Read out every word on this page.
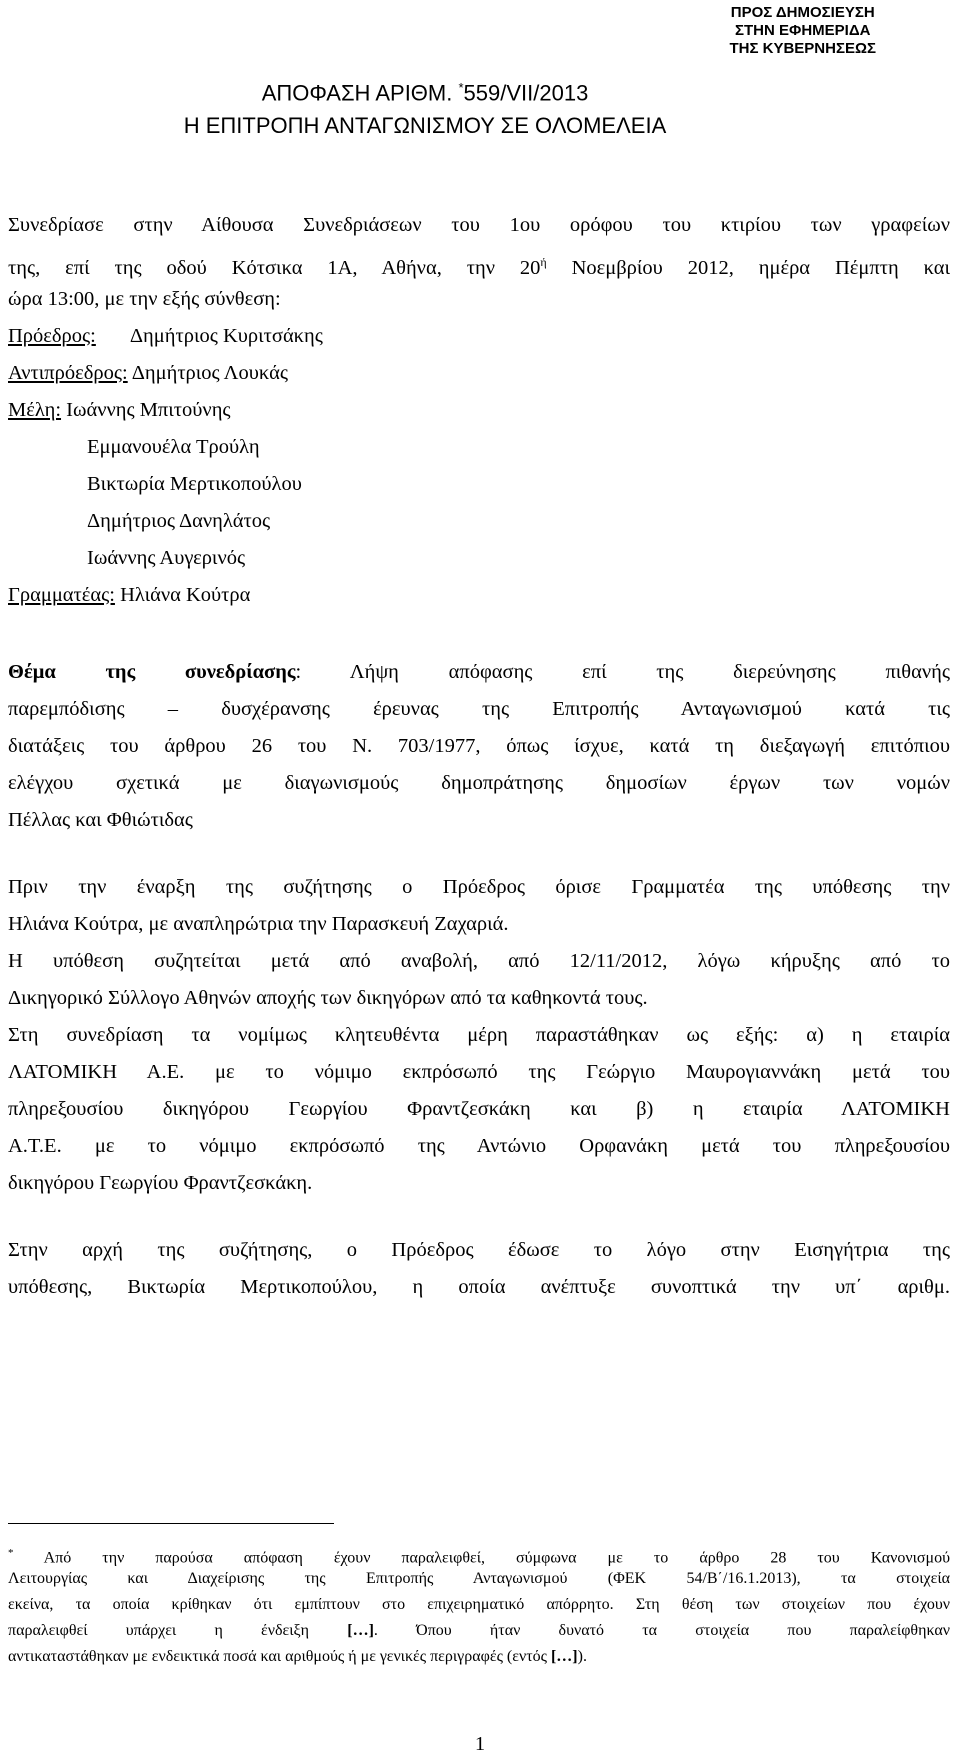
ΠΡΟΣ ΔΗΜΟΣΙΕΥΣΗ
ΣΤΗΝ ΕΦΗΜΕΡΙΔΑ
ΤΗΣ ΚΥΒΕΡΝΗΣΕΩΣ
ΑΠΟΦΑΣΗ ΑΡΙΘΜ. *559/VII/2013
Η ΕΠΙΤΡΟΠΗ ΑΝΤΑΓΩΝΙΣΜΟΥ ΣΕ ΟΛΟΜΕΛΕΙΑ
Συνεδρίασε στην Αίθουσα Συνεδριάσεων του 1ου ορόφου του κτιρίου των γραφείων
της, επί της οδού Κότσικα 1Α, Αθήνα, την $20^ή$ Νοεμβρίου 2012, ημέρα Πέμπτη και
ώρα 13:00, με την εξής σύνθεση:
Πρόεδρος: Δημήτριος Κυριτσάκης
Αντιπρόεδρος: Δημήτριος Λουκάς
Μέλη: Ιωάννης Μπιτούνης
Εμμανουέλα Τρούλη
Βικτωρία Μερτικοπούλου
Δημήτριος Δανηλάτος
Ιωάννης Αυγερινός
Γραμματέας: Ηλιάνα Κούτρα
Θέμα της συνεδρίασης: Λήψη απόφασης επί της διερεύνησης πιθανής
παρεμπόδισης – δυσχέρανσης έρευνας της Επιτροπής Ανταγωνισμού κατά τις
διατάξεις του άρθρου 26 του Ν. 703/1977, όπως ίσχυε, κατά τη διεξαγωγή επιτόπιου
ελέγχου σχετικά με διαγωνισμούς δημοπράτησης δημοσίων έργων των νομών
Πέλλας και Φθιώτιδας
Πριν την έναρξη της συζήτησης ο Πρόεδρος όρισε Γραμματέα της υπόθεσης την
Ηλιάνα Κούτρα, με αναπληρώτρια την Παρασκευή Ζαχαριά.
Η υπόθεση συζητείται μετά από αναβολή, από 12/11/2012, λόγω κήρυξης από το
Δικηγορικό Σύλλογο Αθηνών αποχής των δικηγόρων από τα καθηκοντά τους.
Στη συνεδρίαση τα νομίμως κλητευθέντα μέρη παραστάθηκαν ως εξής: α) η εταιρία
ΛΑΤΟΜΙΚΗ Α.Ε. με το νόμιμο εκπρόσωπό της Γεώργιο Μαυρογιαννάκη μετά του
πληρεξουσίου δικηγόρου Γεωργίου Φραντζεσκάκη και β) η εταιρία ΛΑΤΟΜΙΚΗ
Α.Τ.Ε. με το νόμιμο εκπρόσωπό της Αντώνιο Ορφανάκη μετά του πληρεξουσίου
δικηγόρου Γεωργίου Φραντζεσκάκη.
Στην αρχή της συζήτησης, ο Πρόεδρος έδωσε το λόγο στην Εισηγήτρια της
υπόθεσης, Βικτωρία Μερτικοπούλου, η οποία ανέπτυξε συνοπτικά την υπ΄ αριθμ.
* Από την παρούσα απόφαση έχουν παραλειφθεί, σύμφωνα με το άρθρο 28 του Κανονισμού
Λειτουργίας και Διαχείρισης της Επιτροπής Ανταγωνισμού (ΦΕΚ 54/Β΄/16.1.2013), τα στοιχεία
εκείνα, τα οποία κρίθηκαν ότι εμπίπτουν στο επιχειρηματικό απόρρητο. Στη θέση των στοιχείων που έχουν
παραλειφθεί υπάρχει η ένδειξη […]. Όπου ήταν δυνατό τα στοιχεία που παραλείφθηκαν
αντικαταστάθηκαν με ενδεικτικά ποσά και αριθμούς ή με γενικές περιγραφές (εντός […]).
1
